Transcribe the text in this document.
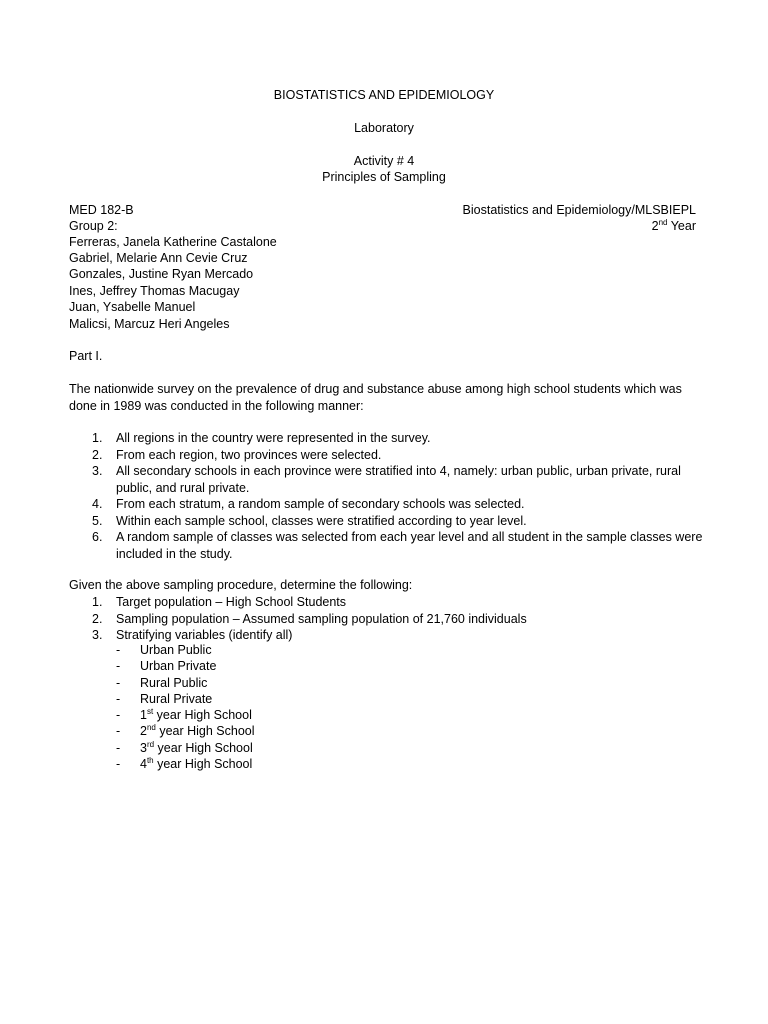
BIOSTATISTICS AND EPIDEMIOLOGY
Laboratory
Activity # 4
Principles of Sampling
MED 182-B	Biostatistics and Epidemiology/MLSBIEPL
Group 2:	2nd Year
Ferreras, Janela Katherine Castalone
Gabriel, Melarie Ann Cevie Cruz
Gonzales, Justine Ryan Mercado
Ines, Jeffrey Thomas Macugay
Juan, Ysabelle Manuel
Malicsi, Marcuz Heri Angeles
Part I.
The nationwide survey on the prevalence of drug and substance abuse among high school students which was done in 1989 was conducted in the following manner:
1. All regions in the country were represented in the survey.
2. From each region, two provinces were selected.
3. All secondary schools in each province were stratified into 4, namely: urban public, urban private, rural public, and rural private.
4. From each stratum, a random sample of secondary schools was selected.
5. Within each sample school, classes were stratified according to year level.
6. A random sample of classes was selected from each year level and all student in the sample classes were included in the study.
Given the above sampling procedure, determine the following:
1. Target population – High School Students
2. Sampling population – Assumed sampling population of 21,760 individuals
3. Stratifying variables (identify all)
- Urban Public
- Urban Private
- Rural Public
- Rural Private
- 1st year High School
- 2nd year High School
- 3rd year High School
- 4th year High School
